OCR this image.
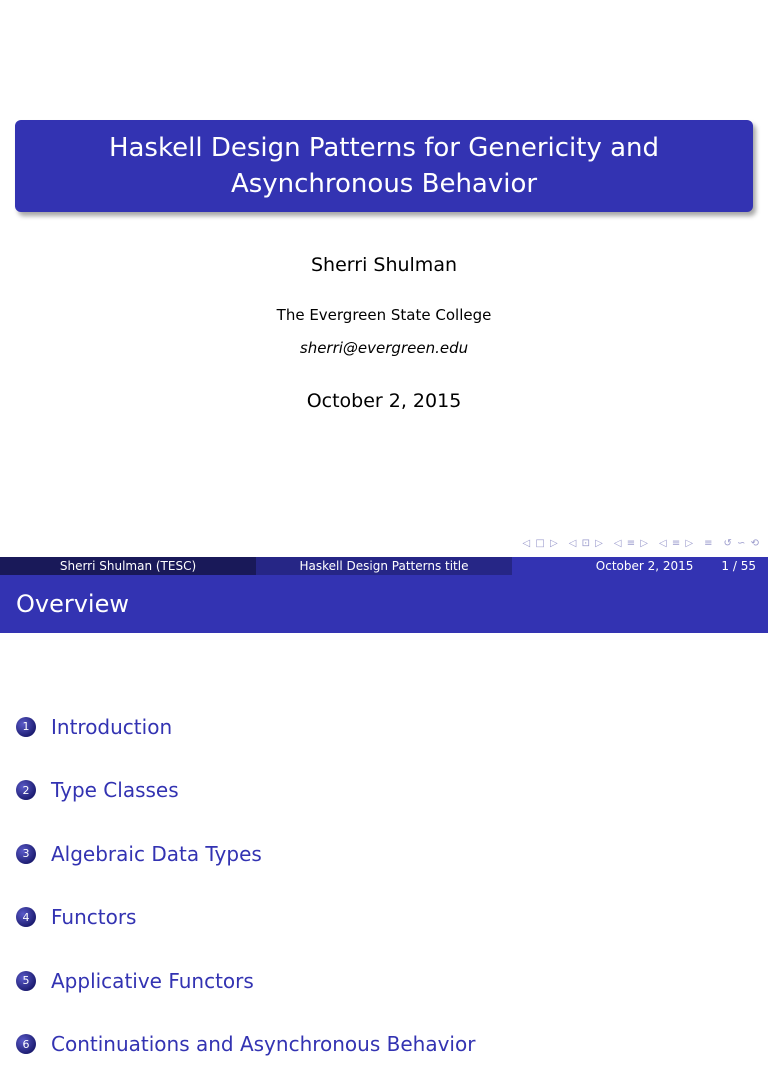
Haskell Design Patterns for Genericity and Asynchronous Behavior
Sherri Shulman
The Evergreen State College
sherri@evergreen.edu
October 2, 2015
◁ □ ▷ ◁ ⊡ ▷ ◁ ≡ ▷ ◁ ≡ ▷ ≡ ↺ ∽ ⟲
Sherri Shulman (TESC)	Haskell Design Patterns title	October 2, 2015 1 / 55
Overview
1	Introduction
2	Type Classes
3	Algebraic Data Types
4	Functors
5	Applicative Functors
6	Continuations and Asynchronous Behavior
